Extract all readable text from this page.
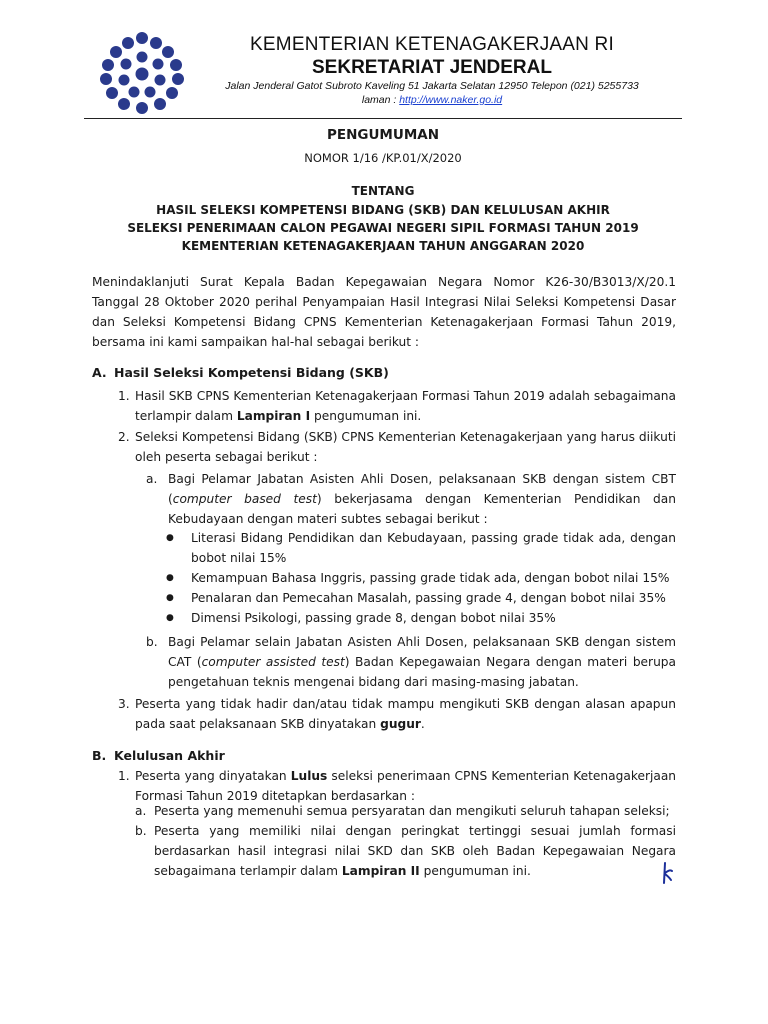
KEMENTERIAN KETENAGAKERJAAN RI
SEKRETARIAT JENDERAL
Jalan Jenderal Gatot Subroto Kaveling 51 Jakarta Selatan 12950 Telepon (021) 5255733
laman : http://www.naker.go.id
PENGUMUMAN
NOMOR 1/16 /KP.01/X/2020
TENTANG
HASIL SELEKSI KOMPETENSI BIDANG (SKB) DAN KELULUSAN AKHIR
SELEKSI PENERIMAAN CALON PEGAWAI NEGERI SIPIL FORMASI TAHUN 2019
KEMENTERIAN KETENAGAKERJAAN TAHUN ANGGARAN 2020

Menindaklanjuti Surat Kepala Badan Kepegawaian Negara Nomor K26-30/B3013/X/20.1 Tanggal 28 Oktober 2020 perihal Penyampaian Hasil Integrasi Nilai Seleksi Kompetensi Dasar dan Seleksi Kompetensi Bidang CPNS Kementerian Ketenagakerjaan Formasi Tahun 2019, bersama ini kami sampaikan hal-hal sebagai berikut :

A. Hasil Seleksi Kompetensi Bidang (SKB)
1. Hasil SKB CPNS Kementerian Ketenagakerjaan Formasi Tahun 2019 adalah sebagaimana terlampir dalam Lampiran I pengumuman ini.

2. Seleksi Kompetensi Bidang (SKB) CPNS Kementerian Ketenagakerjaan yang harus diikuti oleh peserta sebagai berikut :

a. Bagi Pelamar Jabatan Asisten Ahli Dosen, pelaksanaan SKB dengan sistem CBT (computer based test) bekerjasama dengan Kementerian Pendidikan dan Kebudayaan dengan materi subtes sebagai berikut :

● Literasi Bidang Pendidikan dan Kebudayaan, passing grade tidak ada, dengan bobot nilai 15%

● Kemampuan Bahasa Inggris, passing grade tidak ada, dengan bobot nilai 15%

● Penalaran dan Pemecahan Masalah, passing grade 4, dengan bobot nilai 35%

● Dimensi Psikologi, passing grade 8, dengan bobot nilai 35%

b. Bagi Pelamar selain Jabatan Asisten Ahli Dosen, pelaksanaan SKB dengan sistem CAT (computer assisted test) Badan Kepegawaian Negara dengan materi berupa pengetahuan teknis mengenai bidang dari masing-masing jabatan.

3. Peserta yang tidak hadir dan/atau tidak mampu mengikuti SKB dengan alasan apapun pada saat pelaksanaan SKB dinyatakan gugur.

B. Kelulusan Akhir
1. Peserta yang dinyatakan Lulus seleksi penerimaan CPNS Kementerian Ketenagakerjaan Formasi Tahun 2019 ditetapkan berdasarkan :

a. Peserta yang memenuhi semua persyaratan dan mengikuti seluruh tahapan seleksi;

b. Peserta yang memiliki nilai dengan peringkat tertinggi sesuai jumlah formasi berdasarkan hasil integrasi nilai SKD dan SKB oleh Badan Kepegawaian Negara sebagaimana terlampir dalam Lampiran II pengumuman ini.
